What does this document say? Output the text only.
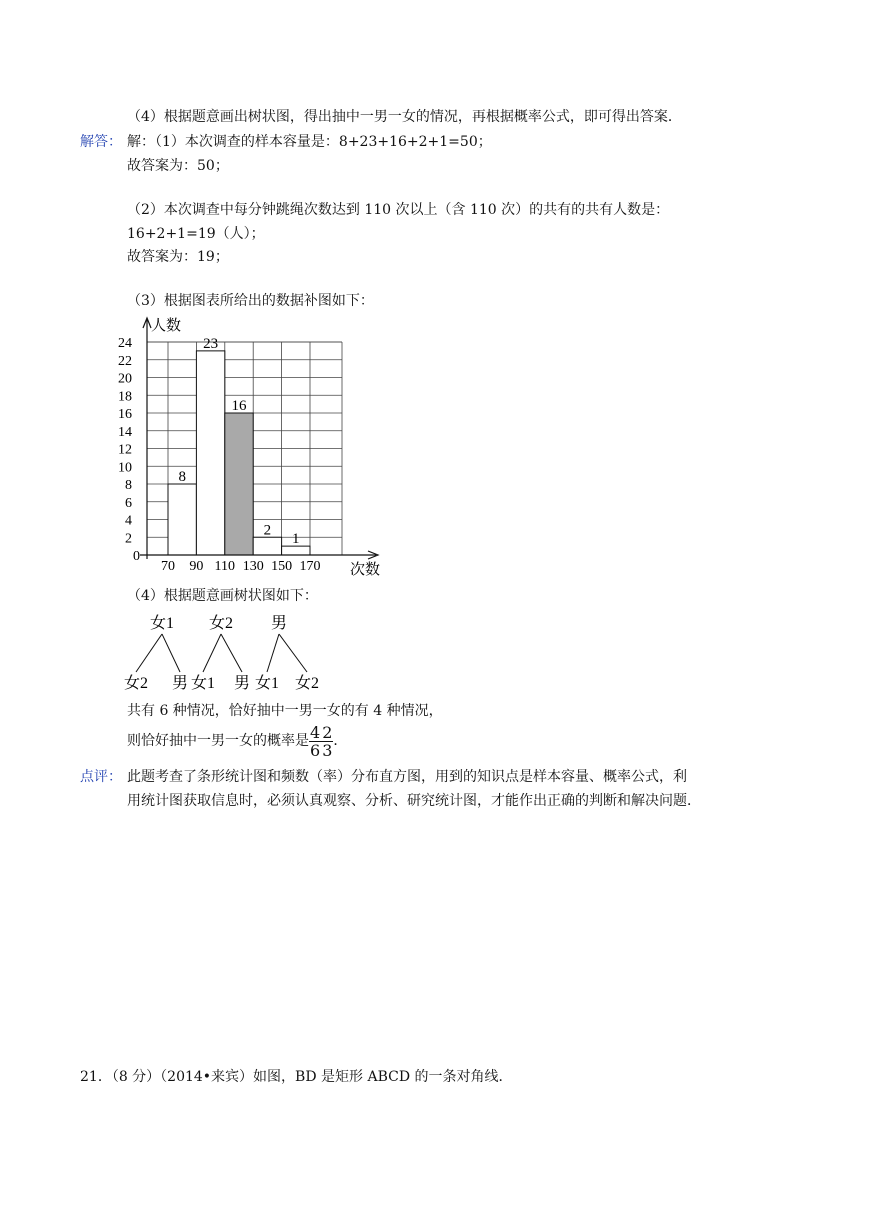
（4）根据题意画出树状图，得出抽中一男一女的情况，再根据概率公式，即可得出答案．
解答： 解：（1）本次调查的样本容量是：8+23+16+2+1=50；
故答案为：50；
（2）本次调查中每分钟跳绳次数达到 110 次以上（含 110 次）的共有的共有人数是：
16+2+1=19（人）；
故答案为：19；
（3）根据图表所给出的数据补图如下：
8
23
16
2
1
0
2
4
6
8
10
12
14
16
18
20
22
24
70 90 110 130 150 170
人数
次数
（4）根据题意画树状图如下：
女1
女2 男
女2
女1 男
男
女1 女2
共有 6 种情况，恰好抽中一男一女的有 4 种情况，
则恰好抽中一男一女的概率是 $\frac{4}{6} \frac{2}{3}$ ．
点评： 此题考查了条形统计图和频数（率）分布直方图，用到的知识点是样本容量、概率公式，利
用统计图获取信息时，必须认真观察、分析、研究统计图，才能作出正确的判断和解决问题．
21．（8 分）（2014•来宾）如图，BD 是矩形 ABCD 的一条对角线．
